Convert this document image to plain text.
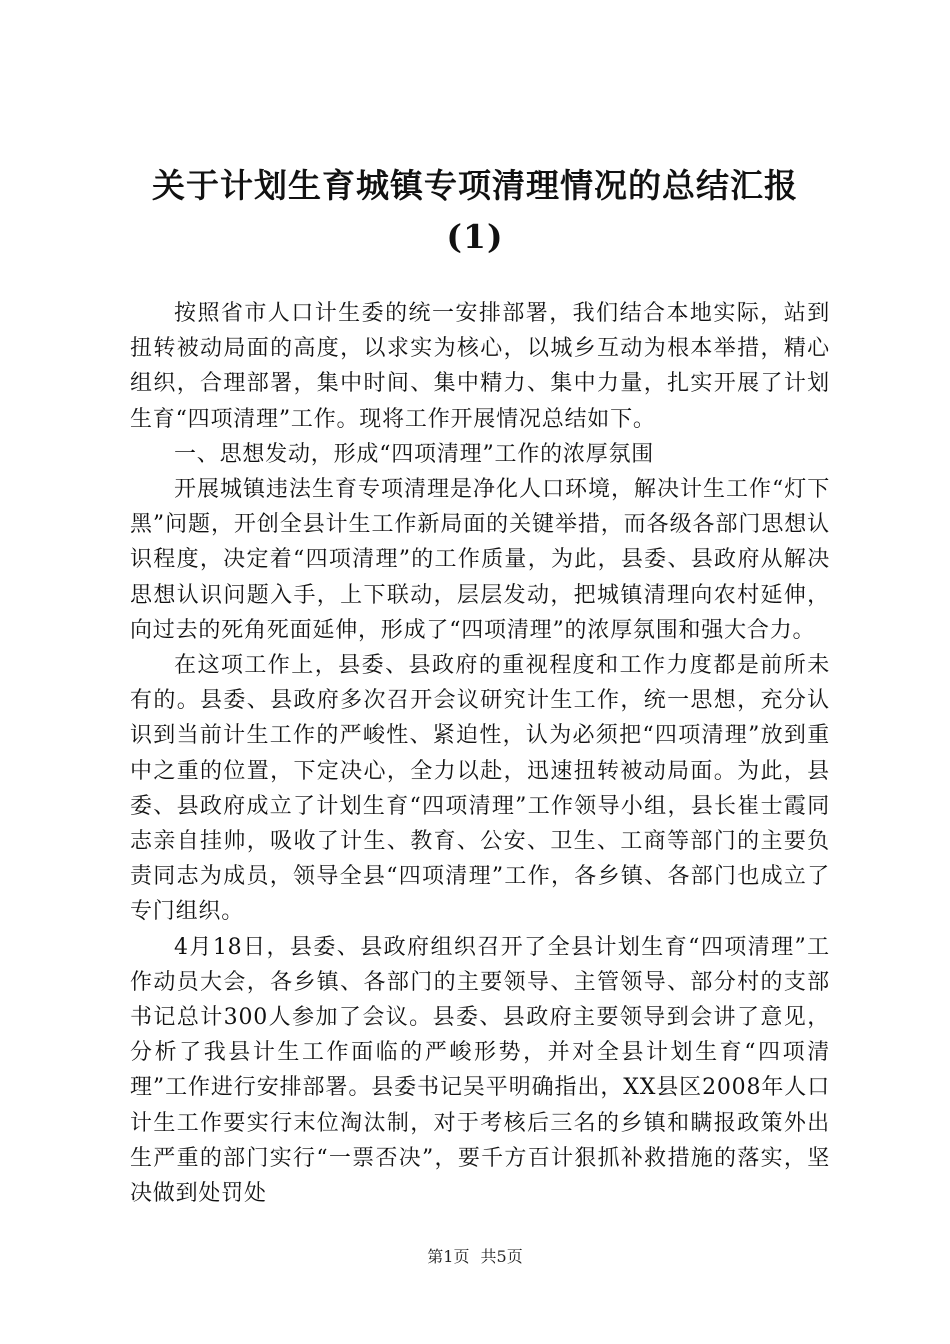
关于计划生育城镇专项清理情况的总结汇报
(1)

按照省市人口计生委的统一安排部署，我们结合本地实际，站到扭转被动局面的高度，以求实为核心，以城乡互动为根本举措，精心组织，合理部署，集中时间、集中精力、集中力量，扎实开展了计划生育“四项清理”工作。现将工作开展情况总结如下。

一、思想发动，形成“四项清理”工作的浓厚氛围

开展城镇违法生育专项清理是净化人口环境，解决计生工作“灯下黑”问题，开创全县计生工作新局面的关键举措，而各级各部门思想认识程度，决定着“四项清理”的工作质量，为此，县委、县政府从解决思想认识问题入手，上下联动，层层发动，把城镇清理向农村延伸，向过去的死角死面延伸，形成了“四项清理”的浓厚氛围和强大合力。

在这项工作上，县委、县政府的重视程度和工作力度都是前所未有的。县委、县政府多次召开会议研究计生工作，统一思想，充分认识到当前计生工作的严峻性、紧迫性，认为必须把“四项清理”放到重中之重的位置，下定决心，全力以赴，迅速扭转被动局面。为此，县委、县政府成立了计划生育“四项清理”工作领导小组，县长崔士霞同志亲自挂帅，吸收了计生、教育、公安、卫生、工商等部门的主要负责同志为成员，领导全县“四项清理”工作，各乡镇、各部门也成立了专门组织。

4月18日，县委、县政府组织召开了全县计划生育“四项清理”工作动员大会，各乡镇、各部门的主要领导、主管领导、部分村的支部书记总计300人参加了会议。县委、县政府主要领导到会讲了意见，分析了我县计生工作面临的严峻形势，并对全县计划生育“四项清理”工作进行安排部署。县委书记吴平明确指出，XX县区2008年人口计生工作要实行末位淘汰制，对于考核后三名的乡镇和瞒报政策外出生严重的部门实行“一票否决”，要千方百计狠抓补救措施的落实，坚决做到处罚处

第1页 共5页
